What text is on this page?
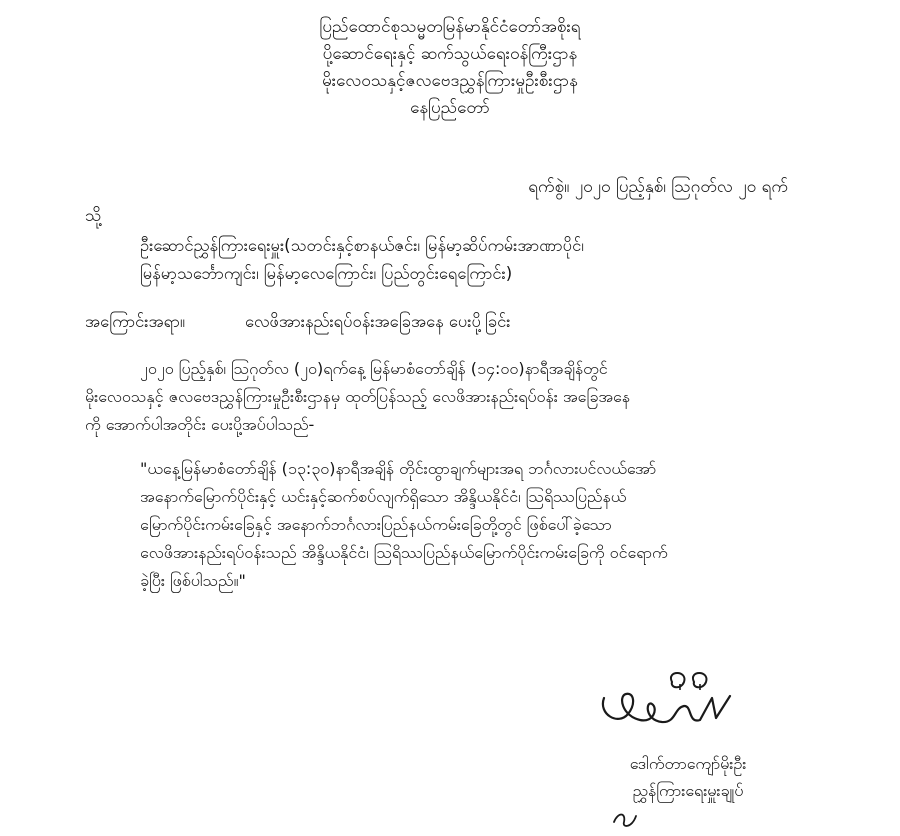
ပြည်ထောင်စုသမ္မတမြန်မာနိုင်ငံတော်အစိုးရ
ပို့ဆောင်ရေးနှင့် ဆက်သွယ်ရေးဝန်ကြီးဌာန
မိုးလေဝသနှင့်ဇလဗေဒညွှန်ကြားမှုဦးစီးဌာန
နေပြည်တော်
ရက်စွဲ။ ၂၀၂၀ ပြည့်နှစ်၊ ဩဂုတ်လ ၂၀ ရက်
သို့
ဦးဆောင်ညွှန်ကြားရေးမှူး(သတင်းနှင့်စာနယ်ဇင်း၊ မြန်မာ့ဆိပ်ကမ်းအာဏာပိုင်၊
မြန်မာ့သင်္ဘောကျင်း၊ မြန်မာ့လေကြောင်း၊ ပြည်တွင်းရေကြောင်း)
အကြောင်းအရာ။	လေဖိအားနည်းရပ်ဝန်းအခြေအနေ ပေးပို့ခြင်း
၂၀၂၀ ပြည့်နှစ်၊ ဩဂုတ်လ (၂၀)ရက်နေ့ မြန်မာစံတော်ချိန် (၁၄:၀၀)နာရီအချိန်တွင်
မိုးလေဝသနှင့် ဇလဗေဒညွှန်ကြားမှုဦးစီးဌာနမှ ထုတ်ပြန်သည့် လေဖိအားနည်းရပ်ဝန်း အခြေအနေ
ကို အောက်ပါအတိုင်း ပေးပို့အပ်ပါသည်-
"ယနေ့မြန်မာစံတော်ချိန် (၁၃:၃၀)နာရီအချိန် တိုင်းထွာချက်များအရ ဘင်္ဂလားပင်လယ်အော်
အနောက်မြောက်ပိုင်းနှင့် ယင်းနှင့်ဆက်စပ်လျက်ရှိသော အိန္ဒိယနိုင်ငံ၊ ဩရိဿပြည်နယ်
မြောက်ပိုင်းကမ်းခြေနှင့် အနောက်ဘင်္ဂလားပြည်နယ်ကမ်းခြေတို့တွင် ဖြစ်ပေါ်ခဲ့သော
လေဖိအားနည်းရပ်ဝန်းသည် အိန္ဒိယနိုင်ငံ၊ ဩရိဿပြည်နယ်မြောက်ပိုင်းကမ်းခြေကို ဝင်ရောက်
ခဲ့ပြီး ဖြစ်ပါသည်။"
ဒေါက်တာကျော်မိုးဦး
ညွှန်ကြားရေးမှူးချုပ်
